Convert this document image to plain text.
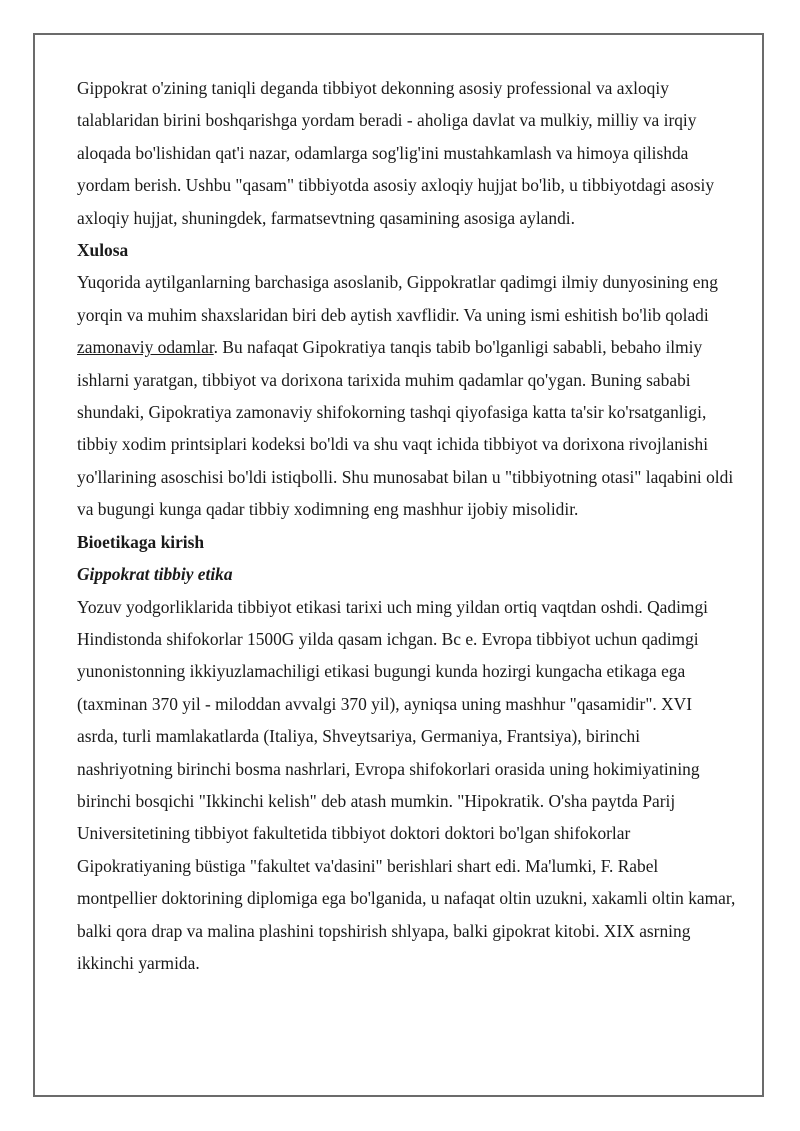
Gippokrat o'zining taniqli deganda tibbiyot dekonning asosiy professional va axloqiy talablaridan birini boshqarishga yordam beradi - aholiga davlat va mulkiy, milliy va irqiy aloqada bo'lishidan qat'i nazar, odamlarga sog'lig'ini mustahkamlash va himoya qilishda yordam berish. Ushbu "qasam" tibbiyotda asosiy axloqiy hujjat bo'lib, u tibbiyotdagi asosiy axloqiy hujjat, shuningdek, farmatsevtning qasamining asosiga aylandi.

Xulosa

Yuqorida aytilganlarning barchasiga asoslanib, Gippokratlar qadimgi ilmiy dunyosining eng yorqin va muhim shaxslaridan biri deb aytish xavflidir. Va uning ismi eshitish bo'lib qoladi zamonaviy odamlar. Bu nafaqat Gipokratiya tanqis tabib bo'lganligi sababli, bebaho ilmiy ishlarni yaratgan, tibbiyot va dorixona tarixida muhim qadamlar qo'ygan. Buning sababi shundaki, Gipokratiya zamonaviy shifokorning tashqi qiyofasiga katta ta'sir ko'rsatganligi, tibbiy xodim printsiplari kodeksi bo'ldi va shu vaqt ichida tibbiyot va dorixona rivojlanishi yo'llarining asoschisi bo'ldi istiqbolli. Shu munosabat bilan u "tibbiyotning otasi" laqabini oldi va bugungi kunga qadar tibbiy xodimning eng mashhur ijobiy misolidir.

Bioetikaga kirish

Gippokrat tibbiy etika

Yozuv yodgorliklarida tibbiyot etikasi tarixi uch ming yildan ortiq vaqtdan oshdi. Qadimgi Hindistonda shifokorlar 1500G yilda qasam ichgan. Bc e. Evropa tibbiyot uchun qadimgi yunonistonning ikkiyuzlamachiligi etikasi bugungi kunda hozirgi kungacha etikaga ega (taxminan 370 yil - miloddan avvalgi 370 yil), ayniqsa uning mashhur "qasamidir". XVI asrda, turli mamlakatlarda (Italiya, Shveytsariya, Germaniya, Frantsiya), birinchi nashriyotning birinchi bosma nashrlari, Evropa shifokorlari orasida uning hokimiyatining birinchi bosqichi "Ikkinchi kelish" deb atash mumkin. "Hipokratik. O'sha paytda Parij Universitetining tibbiyot fakultetida tibbiyot doktori doktori bo'lgan shifokorlar Gipokratiyaning büstiga "fakultet va'dasini" berishlari shart edi. Ma'lumki, F. Rabel montpellier doktorining diplomiga ega bo'lganida, u nafaqat oltin uzukni, xakamli oltin kamar, balki qora drap va malina plashini topshirish shlyapa, balki gipokrat kitobi. XIX asrning ikkinchi yarmida.
